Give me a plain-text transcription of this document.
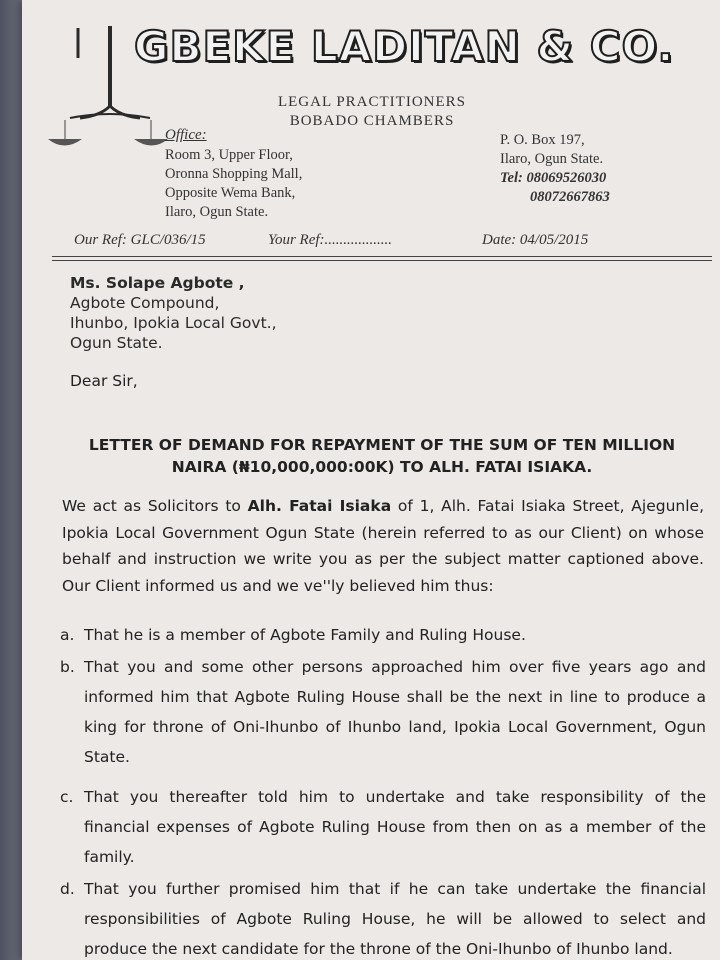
GBEKE LADITAN & CO.
LEGAL PRACTITIONERS
BOBADO CHAMBERS
Office:
Room 3, Upper Floor,
Oronna Shopping Mall,
Opposite Wema Bank,
Ilaro, Ogun State.
P. O. Box 197,
Ilaro, Ogun State.
Tel: 08069526030
08072667863
Our Ref: GLC/036/15	Your Ref:..................	Date: 04/05/2015
Ms. Solape Agbote ,
Agbote Compound,
Ihunbo, Ipokia Local Govt.,
Ogun State.
Dear Sir,
LETTER OF DEMAND FOR REPAYMENT OF THE SUM OF TEN MILLION
NAIRA (₦10,000,000:00K) TO ALH. FATAI ISIAKA.
We act as Solicitors to Alh. Fatai Isiaka of 1, Alh. Fatai Isiaka Street, Ajegunle, Ipokia Local Government Ogun State (herein referred to as our Client) on whose behalf and instruction we write you as per the subject matter captioned above. Our Client informed us and we ve''ly believed him thus:
a. That he is a member of Agbote Family and Ruling House.
b. That you and some other persons approached him over five years ago and informed him that Agbote Ruling House shall be the next in line to produce a king for throne of Oni-Ihunbo of Ihunbo land, Ipokia Local Government, Ogun State.
c. That you thereafter told him to undertake and take responsibility of the financial expenses of Agbote Ruling House from then on as a member of the family.
d. That you further promised him that if he can take undertake the financial responsibilities of Agbote Ruling House, he will be allowed to select and produce the next candidate for the throne of the Oni-Ihunbo of Ihunbo land.
